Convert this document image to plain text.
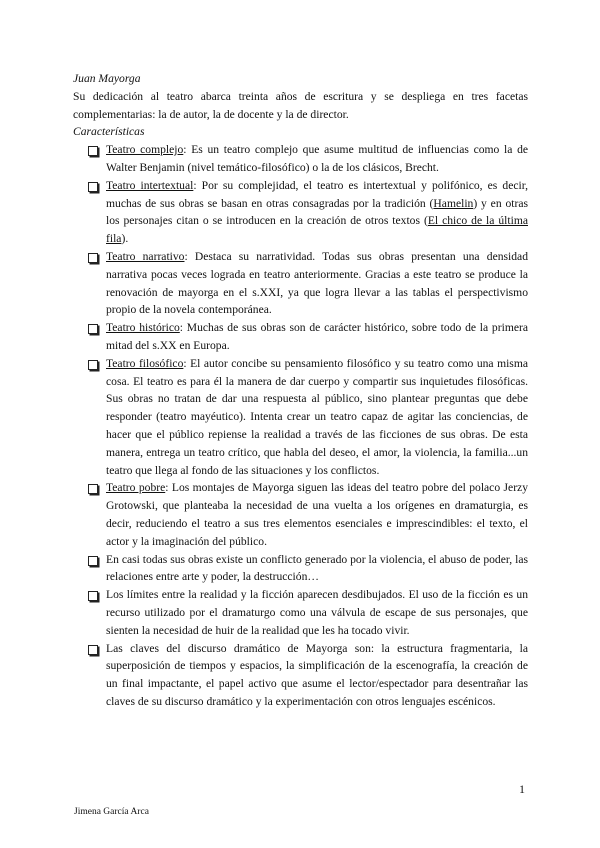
Juan Mayorga

Su dedicación al teatro abarca treinta años de escritura y se despliega en tres facetas complementarias: la de autor, la de docente y la de director.

Características

Teatro complejo: Es un teatro complejo que asume multitud de influencias como la de Walter Benjamin (nivel temático-filosófico) o la de los clásicos, Brecht.
Teatro intertextual: Por su complejidad, el teatro es intertextual y polifónico, es decir, muchas de sus obras se basan en otras consagradas por la tradición (Hamelin) y en otras los personajes citan o se introducen en la creación de otros textos (El chico de la última fila).
Teatro narrativo: Destaca su narratividad. Todas sus obras presentan una densidad narrativa pocas veces lograda en teatro anteriormente. Gracias a este teatro se produce la renovación de mayorga en el s.XXI, ya que logra llevar a las tablas el perspectivismo propio de la novela contemporánea.
Teatro histórico: Muchas de sus obras son de carácter histórico, sobre todo de la primera mitad del s.XX en Europa.
Teatro filosófico: El autor concibe su pensamiento filosófico y su teatro como una misma cosa. El teatro es para él la manera de dar cuerpo y compartir sus inquietudes filosóficas. Sus obras no tratan de dar una respuesta al público, sino plantear preguntas que debe responder (teatro mayéutico). Intenta crear un teatro capaz de agitar las conciencias, de hacer que el público repiense la realidad a través de las ficciones de sus obras. De esta manera, entrega un teatro crítico, que habla del deseo, el amor, la violencia, la familia...un teatro que llega al fondo de las situaciones y los conflictos.
Teatro pobre: Los montajes de Mayorga siguen las ideas del teatro pobre del polaco Jerzy Grotowski, que planteaba la necesidad de una vuelta a los orígenes en dramaturgia, es decir, reduciendo el teatro a sus tres elementos esenciales e imprescindibles: el texto, el actor y la imaginación del público.
En casi todas sus obras existe un conflicto generado por la violencia, el abuso de poder, las relaciones entre arte y poder, la destrucción…
Los límites entre la realidad y la ficción aparecen desdibujados. El uso de la ficción es un recurso utilizado por el dramaturgo como una válvula de escape de sus personajes, que sienten la necesidad de huir de la realidad que les ha tocado vivir.
Las claves del discurso dramático de Mayorga son: la estructura fragmentaria, la superposición de tiempos y espacios, la simplificación de la escenografía, la creación de un final impactante, el papel activo que asume el lector/espectador para desentrañar las claves de su discurso dramático y la experimentación con otros lenguajes escénicos.
1
Jimena García Arca
